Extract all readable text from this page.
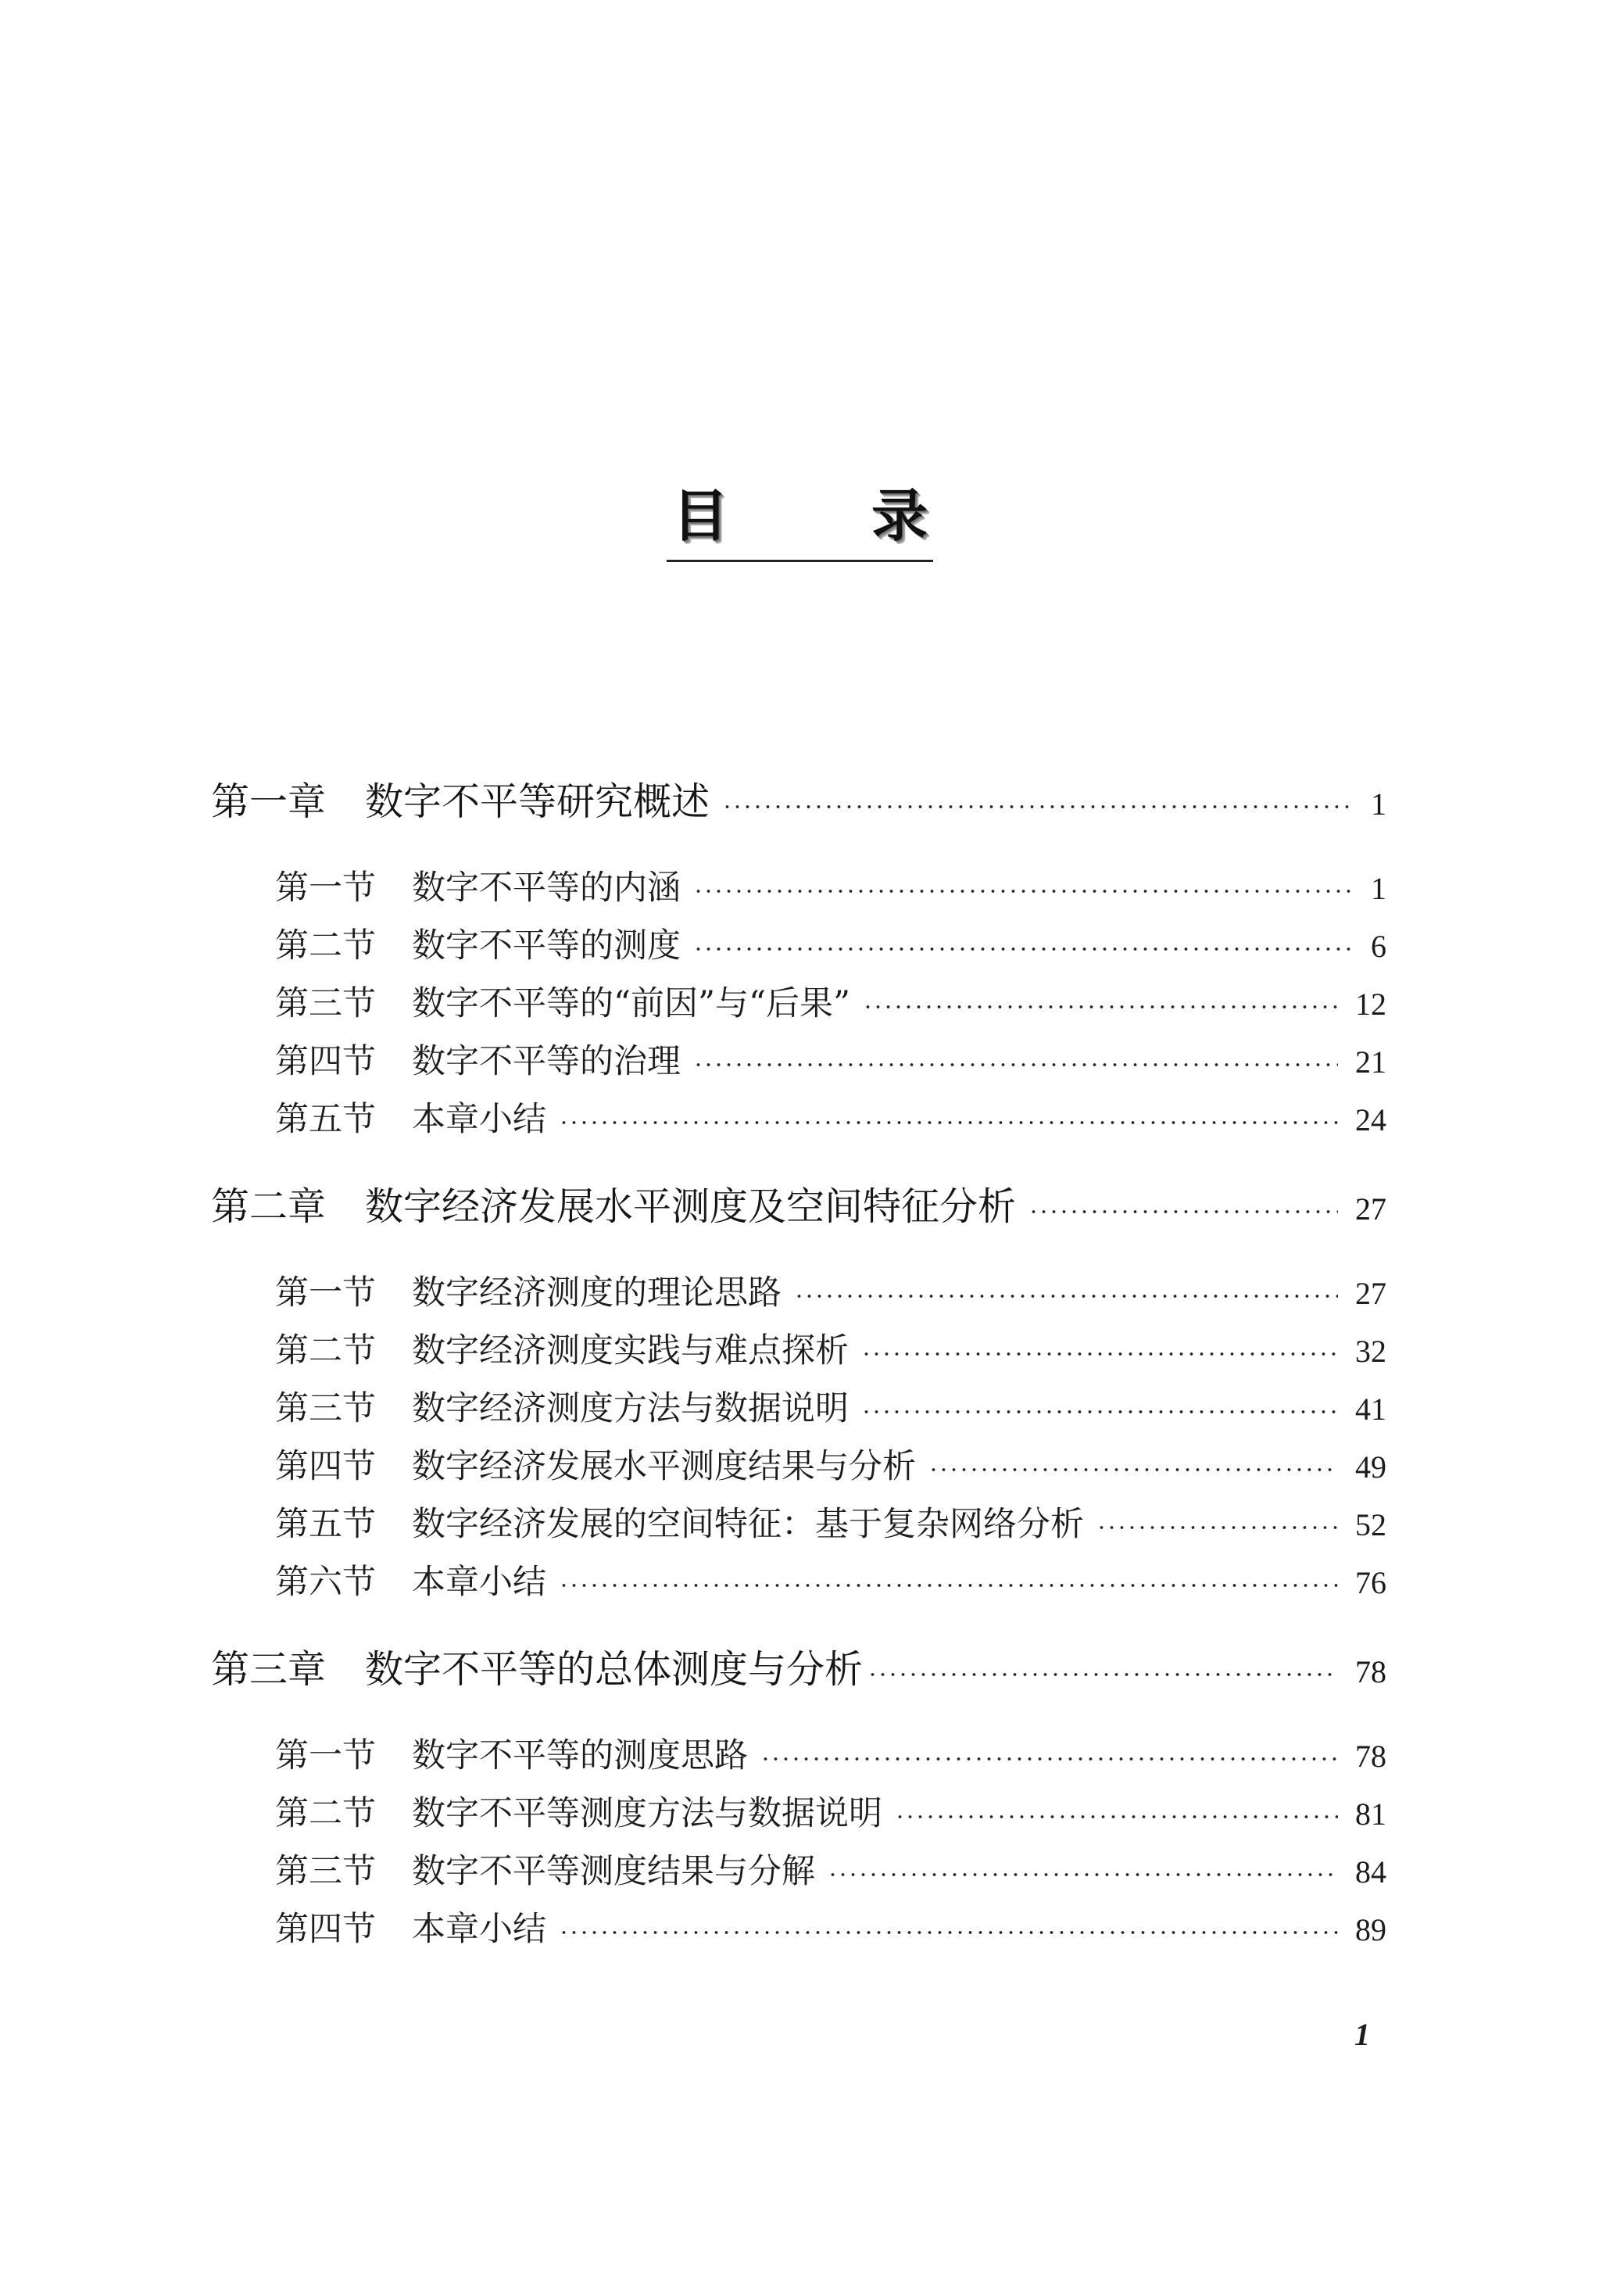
目录
第一章 数字不平等研究概述	1
第一节 数字不平等的内涵	1
第二节 数字不平等的测度	6
第三节 数字不平等的“前因”与“后果”	12
第四节 数字不平等的治理	21
第五节 本章小结	24
第二章 数字经济发展水平测度及空间特征分析	27
第一节 数字经济测度的理论思路	27
第二节 数字经济测度实践与难点探析	32
第三节 数字经济测度方法与数据说明	41
第四节 数字经济发展水平测度结果与分析	49
第五节 数字经济发展的空间特征：基于复杂网络分析	52
第六节 本章小结	76
第三章 数字不平等的总体测度与分析	78
第一节 数字不平等的测度思路	78
第二节 数字不平等测度方法与数据说明	81
第三节 数字不平等测度结果与分解	84
第四节 本章小结	89
1
